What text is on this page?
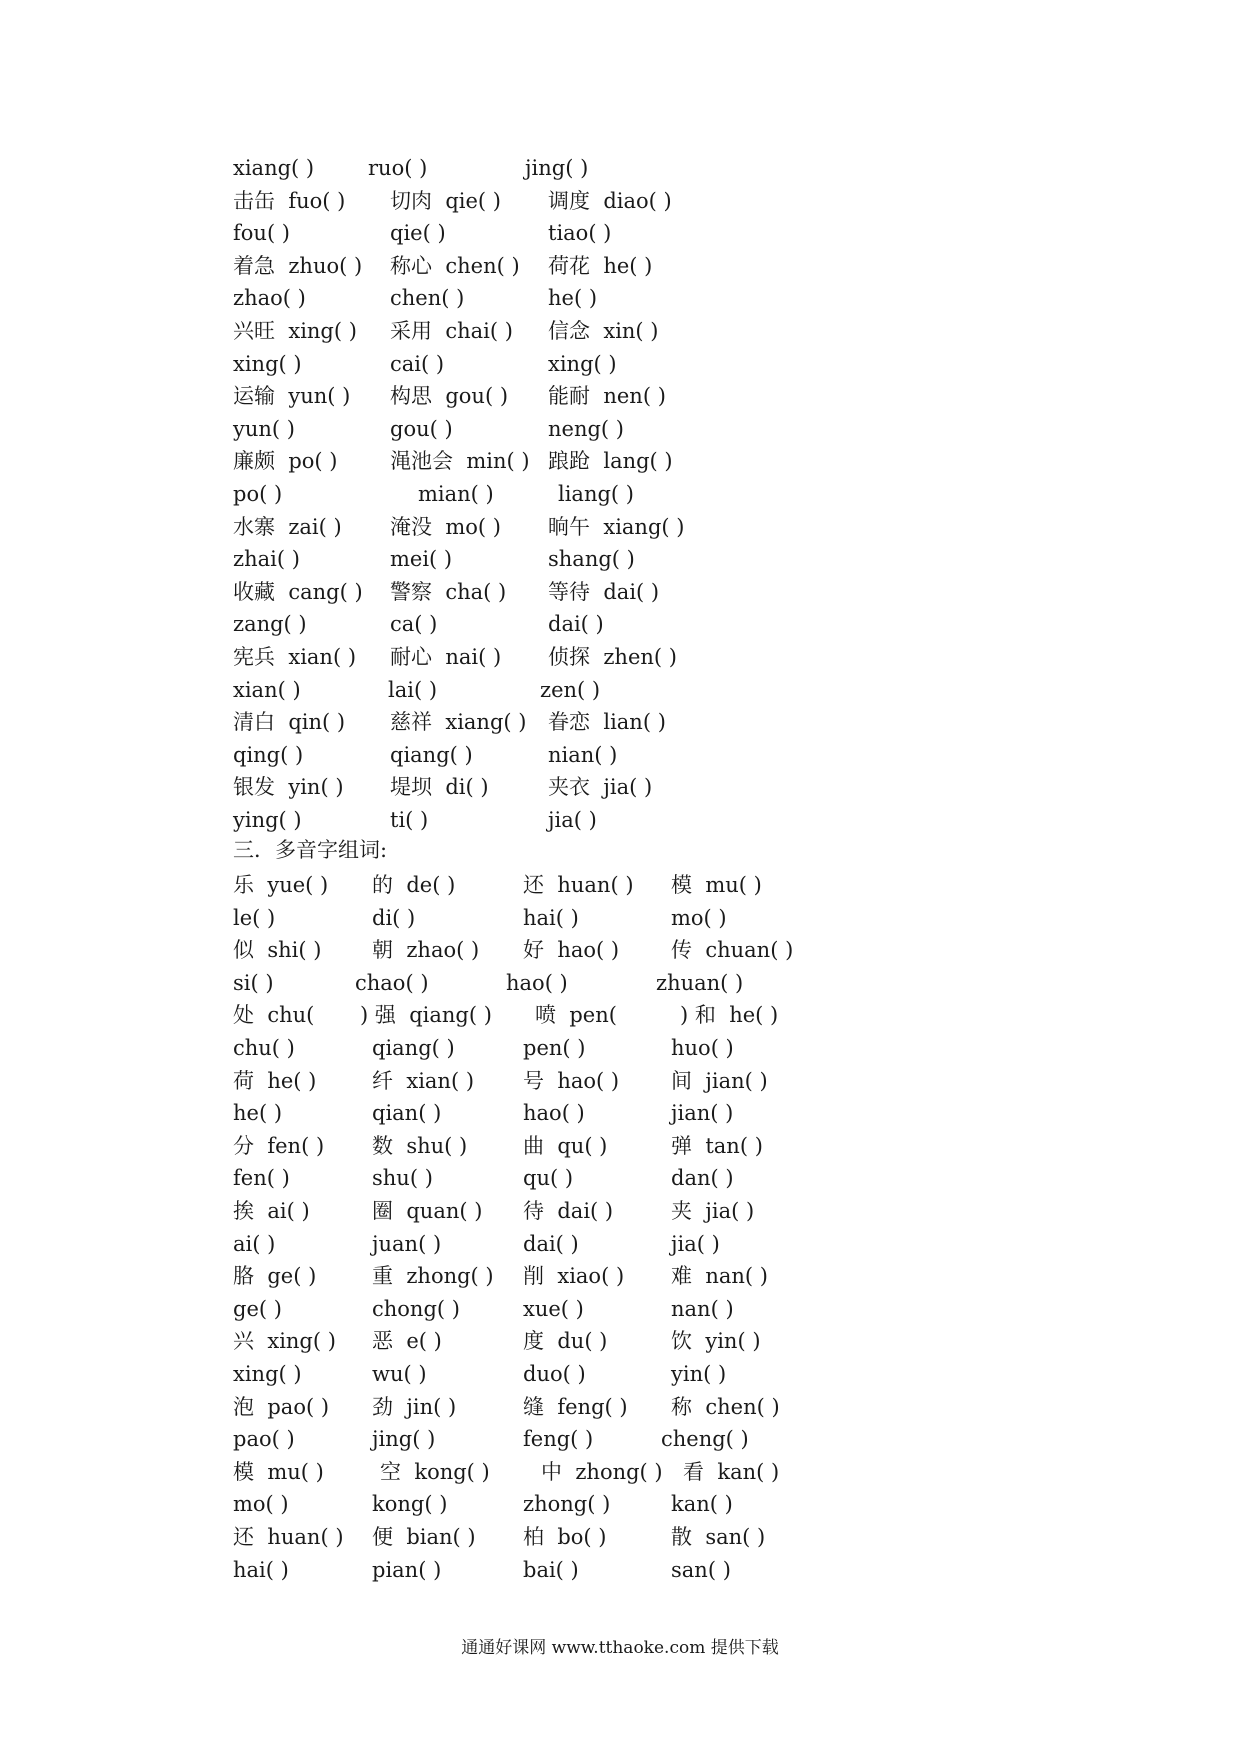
xiang( )	ruo( )	jing( )
击缶  fuo( ) 切肉  qie( ) 调度  diao( )
fou( )	qie( )	tiao( )
着急  zhuo( ) 称心  chen( ) 荷花  he( )
zhao( )	chen( )	he( )
兴旺  xing( ) 采用  chai( ) 信念  xin( )
xing( )	cai( )	xing( )
运输  yun( ) 构思  gou( ) 能耐  nen( )
yun( )	gou( )	neng( )
廉颇  po( )	渑池会  min( ) 踉跄  lang( )
po( )	mian( )	liang( )
水寨  zai( ) 淹没  mo( ) 晌午  xiang( )
zhai( )	mei( )	shang( )
收藏  cang( ) 警察  cha( ) 等待  dai( )
zang( )	ca( )	dai( )
宪兵  xian( ) 耐心  nai( ) 侦探  zhen( )
xian( )	lai( )	zen( )
清白  qin( ) 慈祥  xiang( ) 眷恋  lian( )
qing( )	qiang( )	nian( )
银发  yin( ) 堤坝  di( )	夹衣  jia( )
ying( )	ti( )	jia( )
三．多音字组词:
乐  yue( ) 的  de( )	还  huan( ) 模  mu( )
le( )	di( )	hai( )	mo( )
似  shi( ) 朝  zhao( ) 好  hao( ) 传  chuan( )
si( )	chao( )	hao( )	zhuan( )
处  chu( ) 强  qiang( ) 喷  pen(	) 和  he( )
chu( )	qiang( )	pen( )	huo( )
荷  he( )	纤  xian( ) 号  hao( ) 间  jian( )
he( )	qian( )	hao( )	jian( )
分  fen( ) 数  shu( )	曲  qu( )	弹  tan( )
fen( )	shu( )	qu( )	dan( )
挨  ai( )	圈  quan( ) 待  dai( )	夹  jia( )
ai( )	juan( )	dai( )	jia( )
胳  ge( )	重  zhong( ) 削  xiao( ) 难  nan( )
ge( )	chong( )	xue( )	nan( )
兴  xing( ) 恶  e( )	度  du( )	饮  yin( )
xing( )	wu( )	duo( )	yin( )
泡  pao( ) 劲  jin( )	缝  feng( ) 称  chen( )
pao( )	jing( )	feng( )	cheng( )
模  mu( )	空  kong( ) 中  zhong( ) 看  kan( )
mo( )	kong( )	zhong( )	kan( )
还  huan( ) 便  bian( ) 柏  bo( )	散  san( )
hai( )	pian( )	bai( )	san( )
通通好课网 www.tthaoke.com 提供下载
